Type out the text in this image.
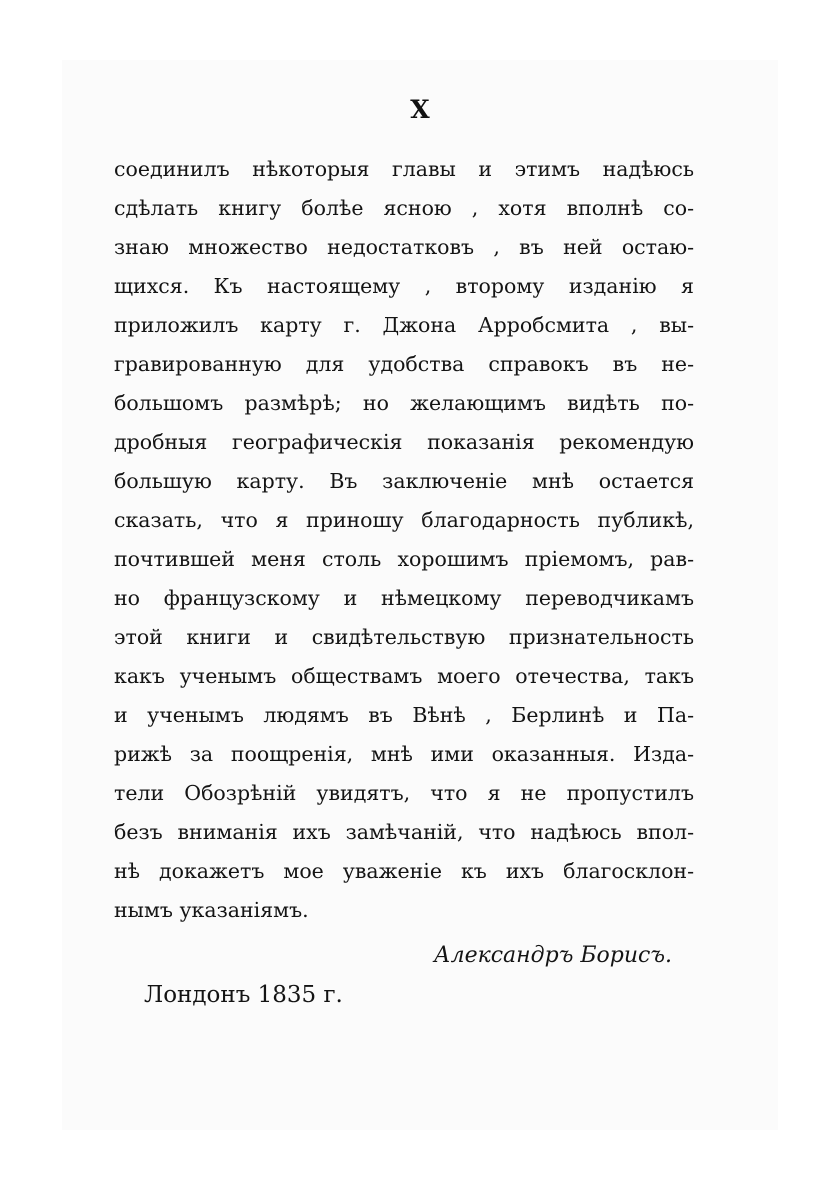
X
соединилъ нѣкоторыя главы и этимъ надѣюсь
сдѣлать книгу болѣе ясною , хотя вполнѣ со-
знаю множество недостатковъ , въ ней остаю-
щихся. Къ настоящему , второму изданію я
приложилъ карту г. Джона Арробсмита , вы-
гравированную для удобства справокъ въ не-
большомъ размѣрѣ; но желающимъ видѣть по-
дробныя географическія показанія рекомендую
большую карту. Въ заключеніе мнѣ остается
сказать, что я приношу благодарность публикѣ,
почтившей меня столь хорошимъ пріемомъ, рав-
но французскому и нѣмецкому переводчикамъ
этой книги и свидѣтельствую признательность
какъ ученымъ обществамъ моего отечества, такъ
и ученымъ людямъ въ Вѣнѣ , Берлинѣ и Па-
рижѣ за поощренія, мнѣ ими оказанныя. Изда-
тели Обозрѣній увидятъ, что я не пропустилъ
безъ вниманія ихъ замѣчаній, что надѣюсь впол-
нѣ докажетъ мое уваженіе къ ихъ благосклон-
нымъ указаніямъ.
Александръ Борисъ.
Лондонъ 1835 г.
